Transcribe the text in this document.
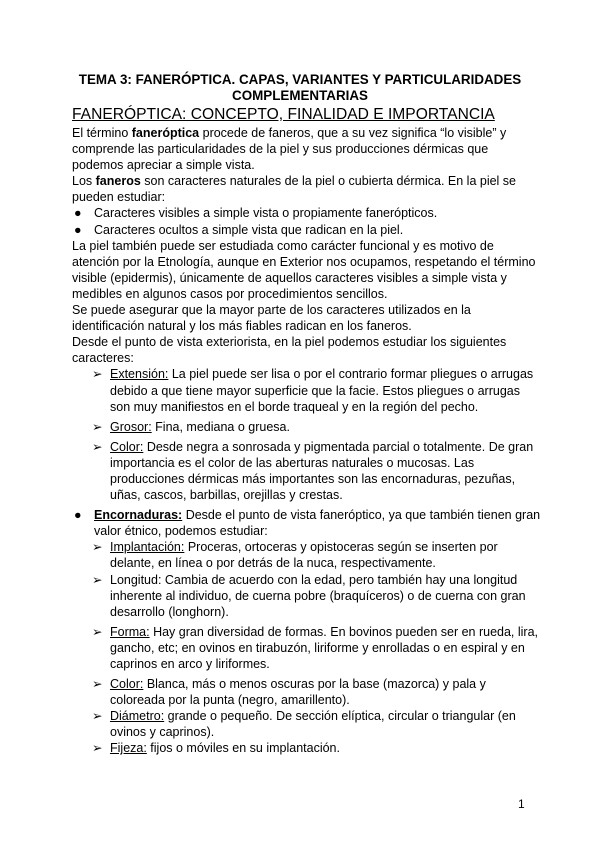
TEMA 3: FANERÓPTICA. CAPAS, VARIANTES Y PARTICULARIDADES
COMPLEMENTARIAS
FANERÓPTICA: CONCEPTO, FINALIDAD E IMPORTANCIA

El término faneróptica procede de faneros, que a su vez significa “lo visible” y comprende las particularidades de la piel y sus producciones dérmicas que podemos apreciar a simple vista.

Los faneros son caracteres naturales de la piel o cubierta dérmica. En la piel se pueden estudiar:

● Caracteres visibles a simple vista o propiamente fanerópticos.
● Caracteres ocultos a simple vista que radican en la piel.

La piel también puede ser estudiada como carácter funcional y es motivo de atención por la Etnología, aunque en Exterior nos ocupamos, respetando el término visible (epidermis), únicamente de aquellos caracteres visibles a simple vista y medibles en algunos casos por procedimientos sencillos.

Se puede asegurar que la mayor parte de los caracteres utilizados en la identificación natural y los más fiables radican en los faneros.

Desde el punto de vista exteriorista, en la piel podemos estudiar los siguientes caracteres:

➢ Extensión: La piel puede ser lisa o por el contrario formar pliegues o arrugas debido a que tiene mayor superficie que la facie. Estos pliegues o arrugas son muy manifiestos en el borde traqueal y en la región del pecho.
➢ Grosor: Fina, mediana o gruesa.
➢ Color: Desde negra a sonrosada y pigmentada parcial o totalmente. De gran importancia es el color de las aberturas naturales o mucosas. Las producciones dérmicas más importantes son las encornaduras, pezuñas, uñas, cascos, barbillas, orejillas y crestas.
● Encornaduras: Desde el punto de vista faneróptico, ya que también tienen gran valor étnico, podemos estudiar:
➢ Implantación: Proceras, ortoceras y opistoceras según se inserten por delante, en línea o por detrás de la nuca, respectivamente.
➢ Longitud: Cambia de acuerdo con la edad, pero también hay una longitud inherente al individuo, de cuerna pobre (braquíceros) o de cuerna con gran desarrollo (longhorn).
➢ Forma: Hay gran diversidad de formas. En bovinos pueden ser en rueda, lira, gancho, etc; en ovinos en tirabuzón, liriforme y enrolladas o en espiral y en caprinos en arco y liriformes.
➢ Color: Blanca, más o menos oscuras por la base (mazorca) y pala y coloreada por la punta (negro, amarillento).
➢ Diámetro: grande o pequeño. De sección elíptica, circular o triangular (en ovinos y caprinos).
➢ Fijeza: fijos o móviles en su implantación.
1
